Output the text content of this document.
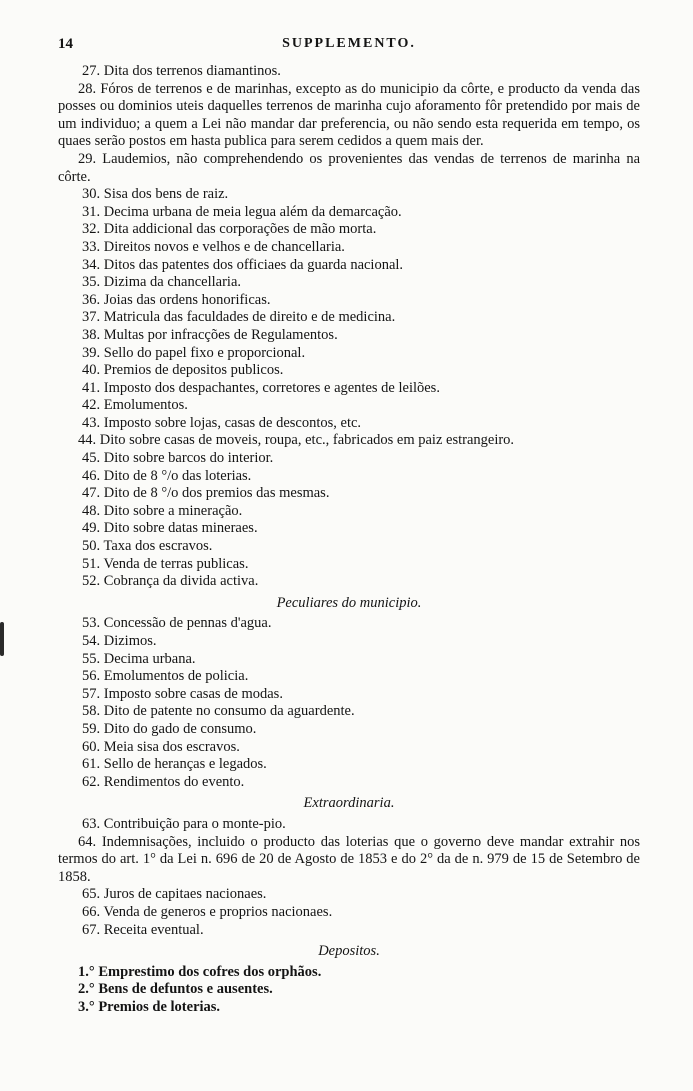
14	SUPPLEMENTO.
27. Dita dos terrenos diamantinos.
28. Fóros de terrenos e de marinhas, excepto as do municipio da côrte, e producto da venda das posses ou dominios uteis daquelles terrenos de marinha cujo aforamento fôr pretendido por mais de um individuo; a quem a Lei não mandar dar preferencia, ou não sendo esta requerida em tempo, os quaes serão postos em hasta publica para serem cedidos a quem mais der.
29. Laudemios, não comprehendendo os provenientes das vendas de terrenos de marinha na côrte.
30. Sisa dos bens de raiz.
31. Decima urbana de meia legua além da demarcação.
32. Dita addicional das corporações de mão morta.
33. Direitos novos e velhos e de chancellaria.
34. Ditos das patentes dos officiaes da guarda nacional.
35. Dizima da chancellaria.
36. Joias das ordens honorificas.
37. Matricula das faculdades de direito e de medicina.
38. Multas por infracções de Regulamentos.
39. Sello do papel fixo e proporcional.
40. Premios de depositos publicos.
41. Imposto dos despachantes, corretores e agentes de leilões.
42. Emolumentos.
43. Imposto sobre lojas, casas de descontos, etc.
44. Dito sobre casas de moveis, roupa, etc., fabricados em paiz estrangeiro.
45. Dito sobre barcos do interior.
46. Dito de 8 °/o das loterias.
47. Dito de 8 °/o dos premios das mesmas.
48. Dito sobre a mineração.
49. Dito sobre datas mineraes.
50. Taxa dos escravos.
51. Venda de terras publicas.
52. Cobrança da divida activa.
Peculiares do municipio.
53. Concessão de pennas d'agua.
54. Dizimos.
55. Decima urbana.
56. Emolumentos de policia.
57. Imposto sobre casas de modas.
58. Dito de patente no consumo da aguardente.
59. Dito do gado de consumo.
60. Meia sisa dos escravos.
61. Sello de heranças e legados.
62. Rendimentos do evento.
Extraordinaria.
63. Contribuição para o monte-pio.
64. Indemnisações, incluido o producto das loterias que o governo deve mandar extrahir nos termos do art. 1° da Lei n. 696 de 20 de Agosto de 1853 e do 2° da de n. 979 de 15 de Setembro de 1858.
65. Juros de capitaes nacionaes.
66. Venda de generos e proprios nacionaes.
67. Receita eventual.
Depositos.
1.° Emprestimo dos cofres dos orphãos.
2.° Bens de defuntos e ausentes.
3.° Premios de loterias.
